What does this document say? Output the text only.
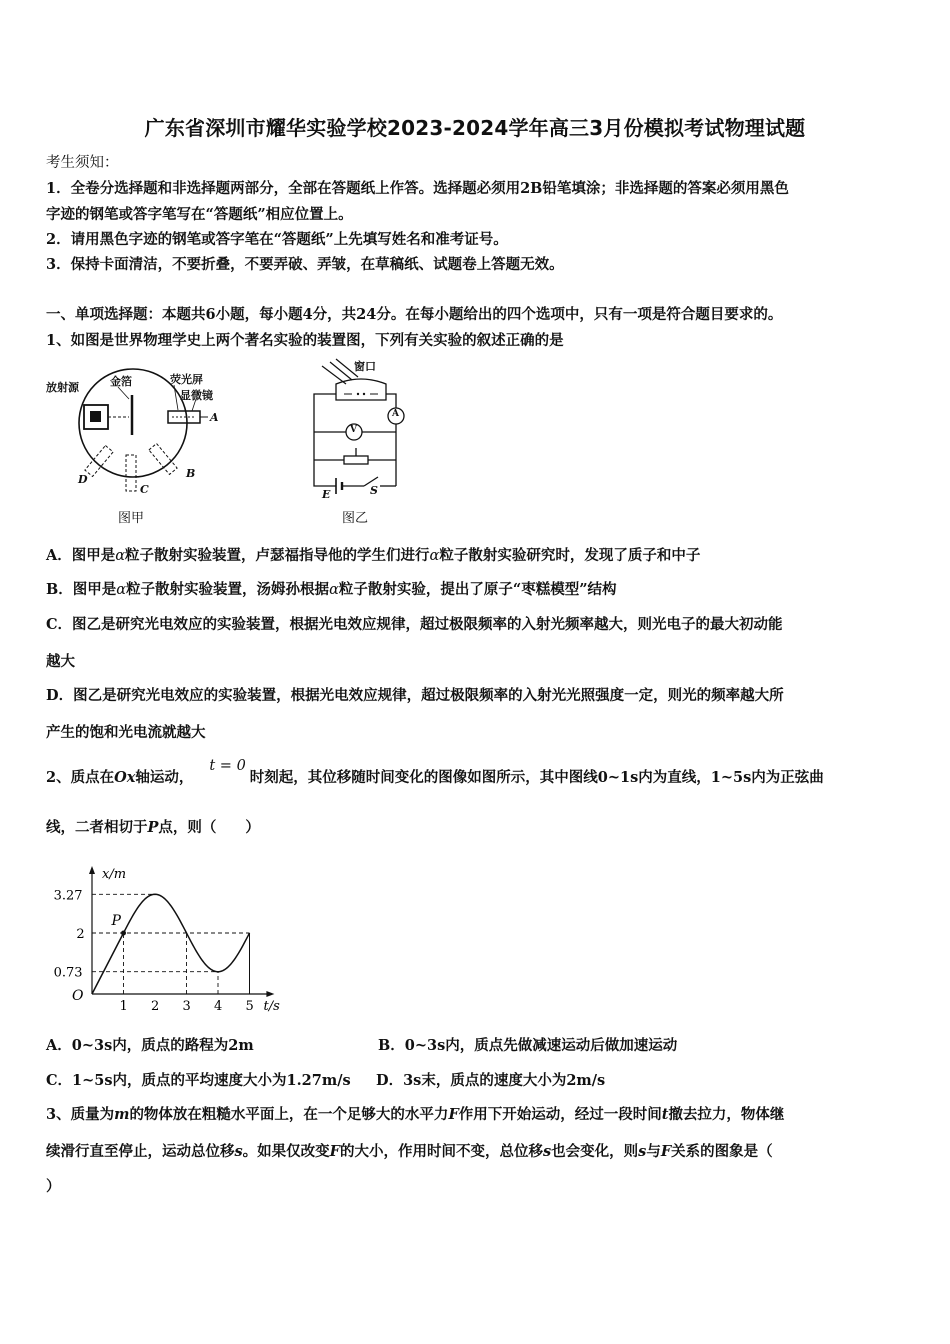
广东省深圳市耀华实验学校2023-2024学年高三3月份模拟考试物理试题
考生须知：
1．全卷分选择题和非选择题两部分，全部在答题纸上作答。选择题必须用2B铅笔填涂；非选择题的答案必须用黑色
字迹的钢笔或答字笔写在“答题纸”相应位置上。
2．请用黑色字迹的钢笔或答字笔在“答题纸”上先填写姓名和准考证号。
3．保持卡面清洁，不要折叠，不要弄破、弄皱，在草稿纸、试题卷上答题无效。
一、单项选择题：本题共6小题，每小题4分，共24分。在每小题给出的四个选项中，只有一项是符合题目要求的。
1、如图是世界物理学史上两个著名实验的装置图，下列有关实验的叙述正确的是
放射源	金箔	荧光屏
显微镜
A
B
C
D
图甲
窗口
A
V
E	S
图乙
A．图甲是α粒子散射实验装置，卢瑟福指导他的学生们进行α粒子散射实验研究时，发现了质子和中子
B．图甲是α粒子散射实验装置，汤姆孙根据α粒子散射实验，提出了原子“枣糕模型”结构
C．图乙是研究光电效应的实验装置，根据光电效应规律，超过极限频率的入射光频率越大，则光电子的最大初动能
越大
D．图乙是研究光电效应的实验装置，根据光电效应规律，超过极限频率的入射光光照强度一定，则光的频率越大所
产生的饱和光电流就越大
2、质点在Ox轴运动，t = 0时刻起，其位移随时间变化的图像如图所示，其中图线0~1s内为直线，1~5s内为正弦曲
线，二者相切于P点，则（　　）
P
1 2 3 4 5
3.27
2
0.73
O
t/s
x/m
A．0~3s内，质点的路程为2m	B．0~3s内，质点先做减速运动后做加速运动
C．1~5s内，质点的平均速度大小为1.27m/s	D．3s末，质点的速度大小为2m/s
3、质量为m的物体放在粗糙水平面上，在一个足够大的水平力F作用下开始运动，经过一段时间t撤去拉力，物体继
续滑行直至停止，运动总位移s。如果仅改变F的大小，作用时间不变，总位移s也会变化，则s与F关系的图象是（
）
